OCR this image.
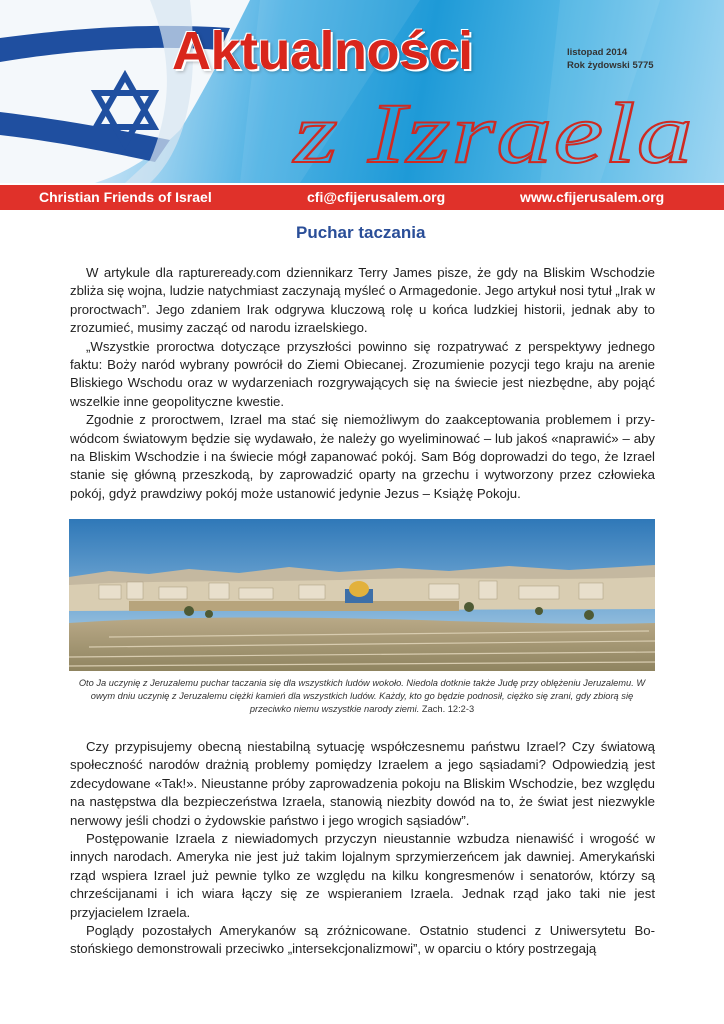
Aktualności
z Izraela
listopad 2014
Rok żydowski 5775
Christian Friends of Israel	cfi@cfijerusalem.org	www.cfijerusalem.org
Puchar taczania

W artykule dla raptureready.com dziennikarz Terry James pisze, że gdy na Bliskim Wschodzie zbliża się wojna, ludzie natychmiast zaczynają myśleć o Armagedonie. Jego artykuł nosi tytuł „Irak w proroctwach”. Jego zdaniem Irak odgrywa kluczową rolę u końca ludzkiej historii, jednak aby to zrozumieć, musimy zacząć od narodu izraelskiego.

„Wszystkie proroctwa dotyczące przyszłości powinno się rozpatrywać z perspektywy jednego faktu: Boży naród wybrany powrócił do Ziemi Obiecanej. Zrozumienie pozycji tego kraju na arenie Bliskiego Wschodu oraz w wydarzeniach rozgrywających się na świecie jest niezbędne, aby pojąć wszelkie inne geopolityczne kwestie.

Zgodnie z proroctwem, Izrael ma stać się niemożliwym do zaakceptowania problemem i przywódcom światowym będzie się wydawało, że należy go wyeliminować – lub jakoś «naprawić» – aby na Bliskim Wschodzie i na świecie mógł zapanować pokój. Sam Bóg doprowadzi do tego, że Izrael stanie się główną przeszkodą, by zaprowadzić oparty na grzechu i wytworzony przez człowieka pokój, gdyż prawdziwy pokój może ustanowić jedynie Jezus – Książę Pokoju.

Oto Ja uczynię z Jeruzalemu puchar taczania się dla wszystkich ludów wokoło. Niedola dotknie także Judę przy oblężeniu Jeruzalemu. W owym dniu uczynię z Jeruzalemu ciężki kamień dla wszystkich ludów. Każdy, kto go będzie podnosił, ciężko się zrani, gdy zbiorą się przeciwko niemu wszystkie narody ziemi. Zach. 12:2-3

Czy przypisujemy obecną niestabilną sytuację współczesnemu państwu Izrael? Czy światową społeczność narodów drażnią problemy pomiędzy Izraelem a jego sąsiadami? Odpowiedzią jest zdecydowane «Tak!». Nieustanne próby zaprowadzenia pokoju na Bliskim Wschodzie, bez względu na następstwa dla bezpieczeństwa Izraela, stanowią niezbity dowód na to, że świat jest niezwykle nerwowy jeśli chodzi o żydowskie państwo i jego wrogich sąsiadów”.

Postępowanie Izraela z niewiadomych przyczyn nieustannie wzbudza nienawiść i wrogość w innych narodach. Ameryka nie jest już takim lojalnym sprzymierzeńcem jak dawniej. Amerykański rząd wspiera Izrael już pewnie tylko ze względu na kilku kongresmenów i senatorów, którzy są chrześcijanami i ich wiara łączy się ze wspieraniem Izraela. Jednak rząd jako taki nie jest przyjacielem Izraela.

Poglądy pozostałych Amerykanów są zróżnicowane. Ostatnio studenci z Uniwersytetu Bostońskiego demonstrowali przeciwko „intersekcjonalizmowi”, w oparciu o który postrzegają
